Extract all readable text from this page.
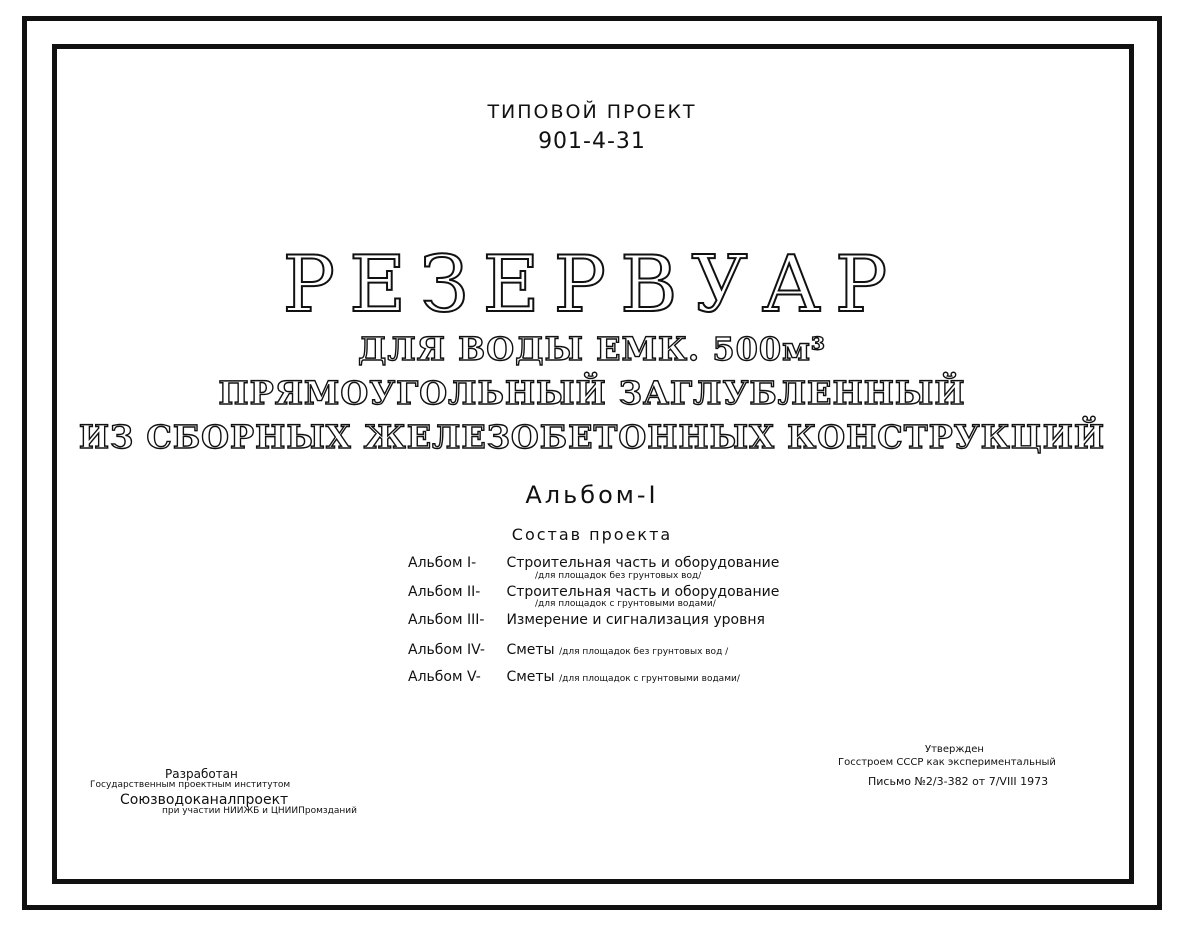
ТИПОВОЙ ПРОЕКТ
901-4-31
РЕЗЕРВУАР
ДЛЯ ВОДЫ ЕМК. 500м³
ПРЯМОУГОЛЬНЫЙ ЗАГЛУБЛЕННЫЙ
ИЗ СБОРНЫХ ЖЕЛЕЗОБЕТОННЫХ КОНСТРУКЦИЙ
Альбом-I
Состав проекта
Альбом I- Строительная часть и оборудование
/для площадок без грунтовых вод/
Альбом II- Строительная часть и оборудование
/для площадок с грунтовыми водами/
Альбом III- Измерение и сигнализация уровня
Альбом IV- Сметы /для площадок без грунтовых вод /
Альбом V- Сметы /для площадок с грунтовыми водами/
Разработан
Государственным проектным институтом
Союзводоканалпроект
при участии НИИЖБ и ЦНИИПромзданий
Утвержден
Госстроем СССР как экспериментальный
Письмо №2/3-382 от 7/VIII 1973
